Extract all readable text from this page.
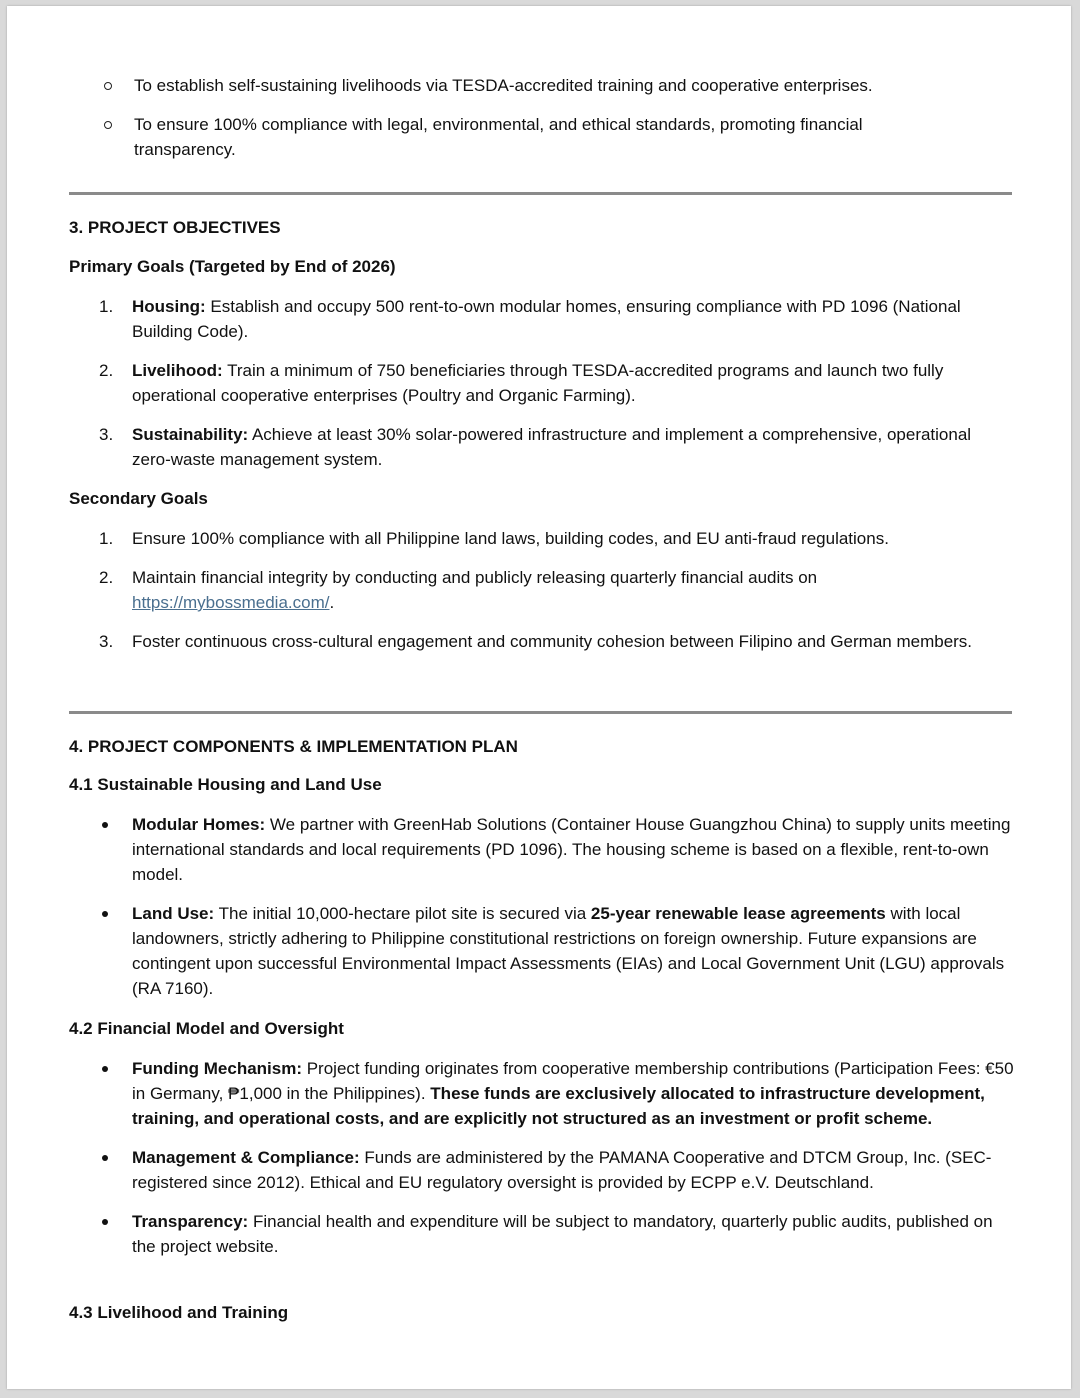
To establish self-sustaining livelihoods via TESDA-accredited training and cooperative enterprises.
To ensure 100% compliance with legal, environmental, and ethical standards, promoting financial transparency.

3. PROJECT OBJECTIVES

Primary Goals (Targeted by End of 2026)

1. Housing: Establish and occupy 500 rent-to-own modular homes, ensuring compliance with PD 1096 (National Building Code).
2. Livelihood: Train a minimum of 750 beneficiaries through TESDA-accredited programs and launch two fully operational cooperative enterprises (Poultry and Organic Farming).
3. Sustainability: Achieve at least 30% solar-powered infrastructure and implement a comprehensive, operational zero-waste management system.

Secondary Goals

1. Ensure 100% compliance with all Philippine land laws, building codes, and EU anti-fraud regulations.
2. Maintain financial integrity by conducting and publicly releasing quarterly financial audits on https://mybossmedia.com/.
3. Foster continuous cross-cultural engagement and community cohesion between Filipino and German members.

4. PROJECT COMPONENTS & IMPLEMENTATION PLAN

4.1 Sustainable Housing and Land Use

Modular Homes: We partner with GreenHab Solutions (Container House Guangzhou China) to supply units meeting international standards and local requirements (PD 1096). The housing scheme is based on a flexible, rent-to-own model.
Land Use: The initial 10,000-hectare pilot site is secured via 25-year renewable lease agreements with local landowners, strictly adhering to Philippine constitutional restrictions on foreign ownership. Future expansions are contingent upon successful Environmental Impact Assessments (EIAs) and Local Government Unit (LGU) approvals (RA 7160).

4.2 Financial Model and Oversight

Funding Mechanism: Project funding originates from cooperative membership contributions (Participation Fees: €50 in Germany, ₱1,000 in the Philippines). These funds are exclusively allocated to infrastructure development, training, and operational costs, and are explicitly not structured as an investment or profit scheme.
Management & Compliance: Funds are administered by the PAMANA Cooperative and DTCM Group, Inc. (SEC-registered since 2012). Ethical and EU regulatory oversight is provided by ECPP e.V. Deutschland.
Transparency: Financial health and expenditure will be subject to mandatory, quarterly public audits, published on the project website.

4.3 Livelihood and Training
